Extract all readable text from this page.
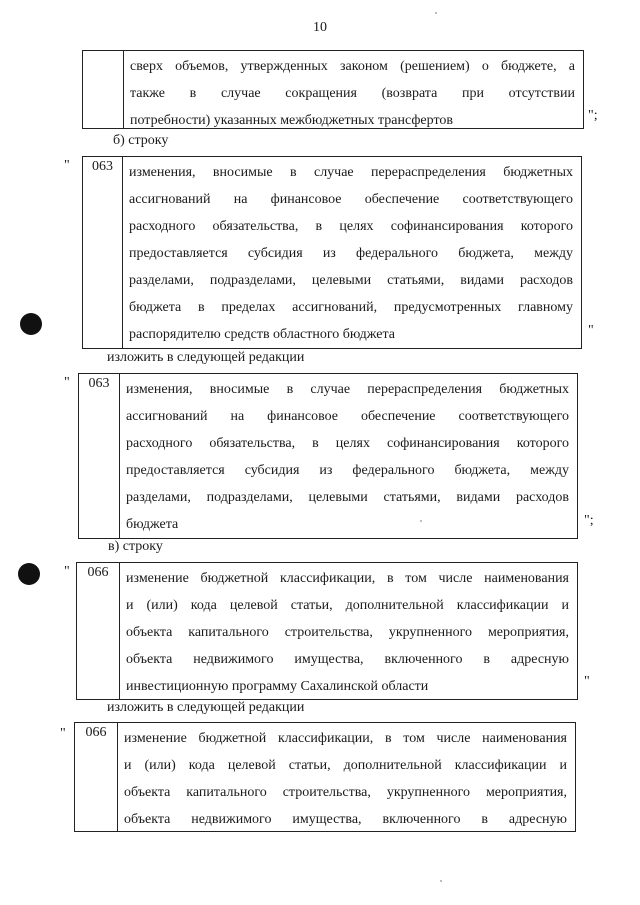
10
сверх объемов, утвержденных законом (решением) о бюджете, а
также в случае сокращения (возврата при отсутствии
потребности) указанных межбюджетных трансфертов	";
б) строку
"	063	изменения, вносимые в случае перераспределения бюджетных
ассигнований на финансовое обеспечение соответствующего
расходного обязательства, в целях софинансирования которого
предоставляется субсидия из федерального бюджета, между
разделами, подразделами, целевыми статьями, видами расходов
бюджета в пределах ассигнований, предусмотренных главному
распорядителю средств областного бюджета	"
изложить в следующей редакции
"	063	изменения, вносимые в случае перераспределения бюджетных
ассигнований на финансовое обеспечение соответствующего
расходного обязательства, в целях софинансирования которого
предоставляется субсидия из федерального бюджета, между
разделами, подразделами, целевыми статьями, видами расходов
бюджета	";
в) строку
"	066	изменение бюджетной классификации, в том числе наименования
и (или) кода целевой статьи, дополнительной классификации и
объекта капитального строительства, укрупненного мероприятия,
объекта недвижимого имущества, включенного в адресную
инвестиционную программу Сахалинской области	"
изложить в следующей редакции
"	066	изменение бюджетной классификации, в том числе наименования
и (или) кода целевой статьи, дополнительной классификации и
объекта капитального строительства, укрупненного мероприятия,
объекта недвижимого имущества, включенного в адресную
